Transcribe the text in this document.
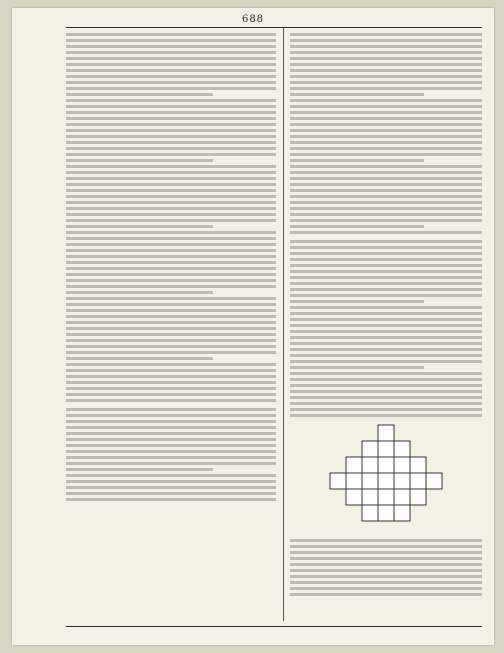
688
